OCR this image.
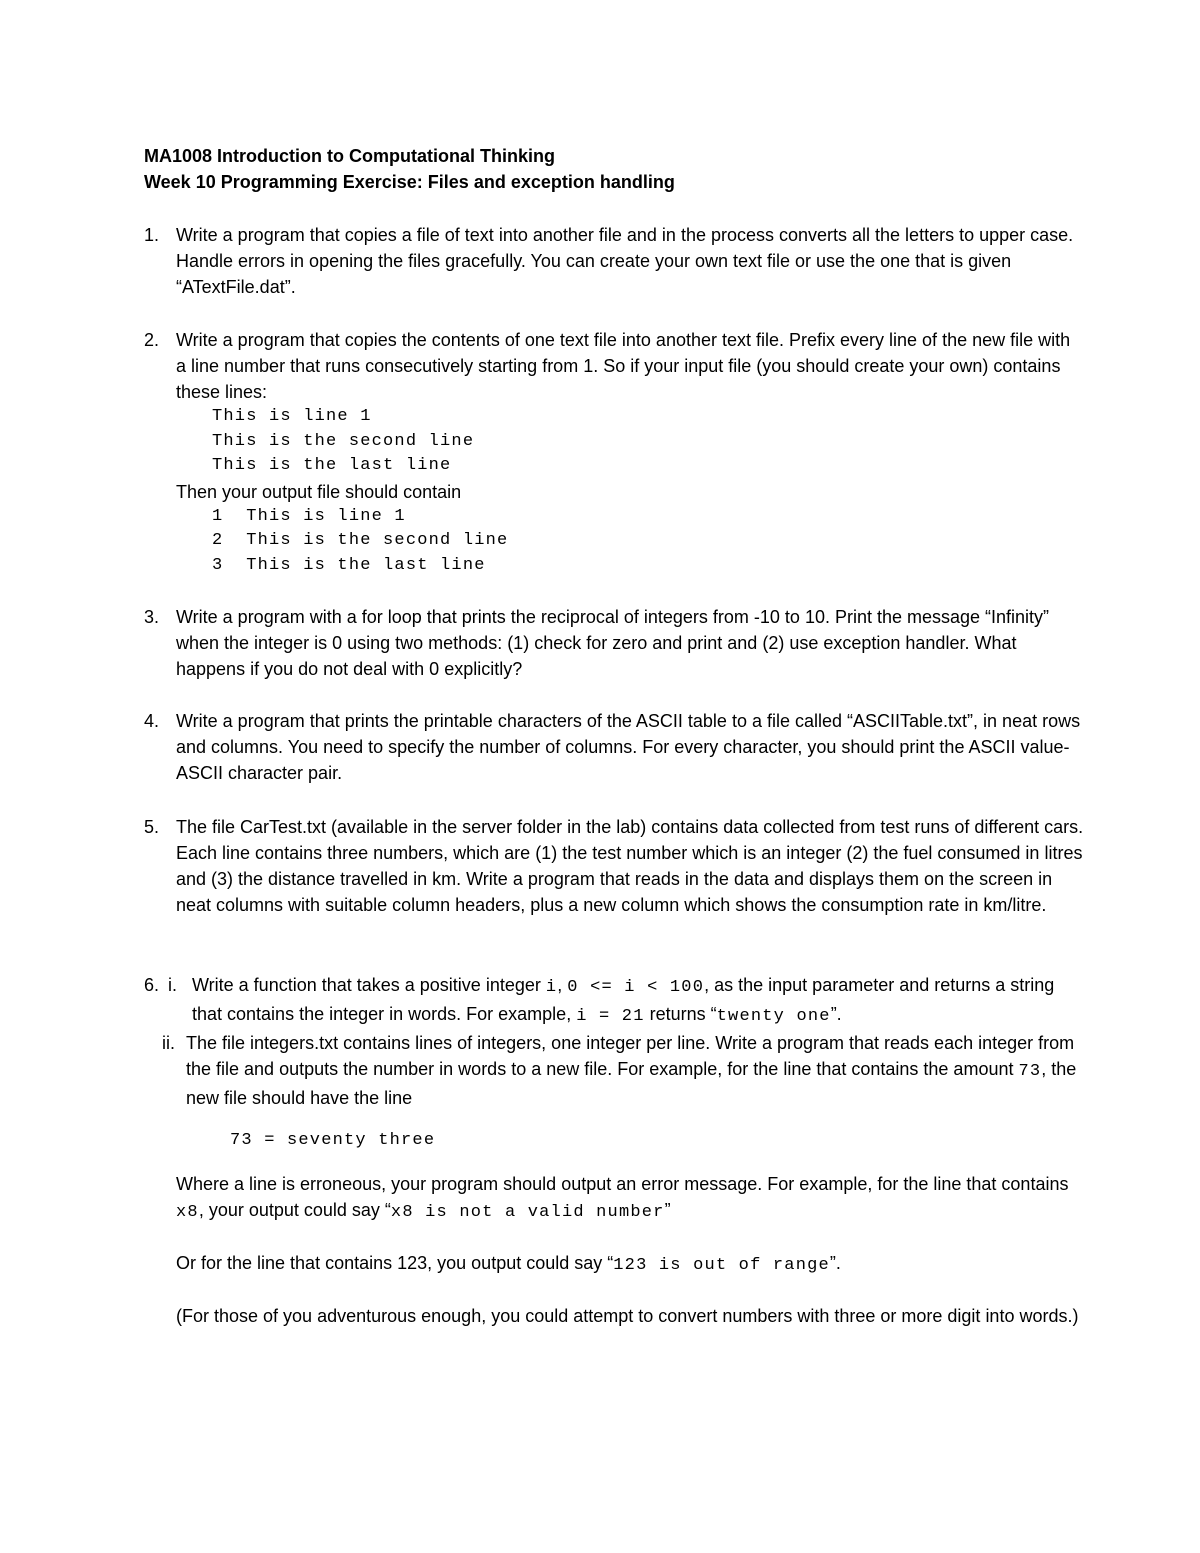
MA1008 Introduction to Computational Thinking
Week 10 Programming Exercise: Files and exception handling
1. Write a program that copies a file of text into another file and in the process converts all the letters to upper case. Handle errors in opening the files gracefully. You can create your own text file or use the one that is given “ATextFile.dat”.

2. Write a program that copies the contents of one text file into another text file. Prefix every line of the new file with a line number that runs consecutively starting from 1. So if your input file (you should create your own) contains these lines:

This is line 1
This is the second line
This is the last line

Then your output file should contain

1  This is line 1
2  This is the second line
3  This is the last line
3. Write a program with a for loop that prints the reciprocal of integers from -10 to 10. Print the message “Infinity” when the integer is 0 using two methods: (1) check for zero and print and (2) use exception handler. What happens if you do not deal with 0 explicitly?

4. Write a program that prints the printable characters of the ASCII table to a file called “ASCIITable.txt”, in neat rows and columns. You need to specify the number of columns. For every character, you should print the ASCII value- ASCII character pair.

5. The file CarTest.txt (available in the server folder in the lab) contains data collected from test runs of different cars. Each line contains three numbers, which are (1) the test number which is an integer (2) the fuel consumed in litres and (3) the distance travelled in km. Write a program that reads in the data and displays them on the screen in neat columns with suitable column headers, plus a new column which shows the consumption rate in km/litre.

6. i. Write a function that takes a positive integer i, 0 <= i < 100, as the input parameter and returns a string that contains the integer in words. For example, i = 21 returns “twenty one”.

ii. The file integers.txt contains lines of integers, one integer per line. Write a program that reads each integer from the file and outputs the number in words to a new file. For example, for the line that contains the amount 73, the new file should have the line

73 = seventy three

Where a line is erroneous, your program should output an error message. For example, for the line that contains x8, your output could say “x8 is not a valid number”

Or for the line that contains 123, you output could say “123 is out of range”.

(For those of you adventurous enough, you could attempt to convert numbers with three or more digit into words.)
